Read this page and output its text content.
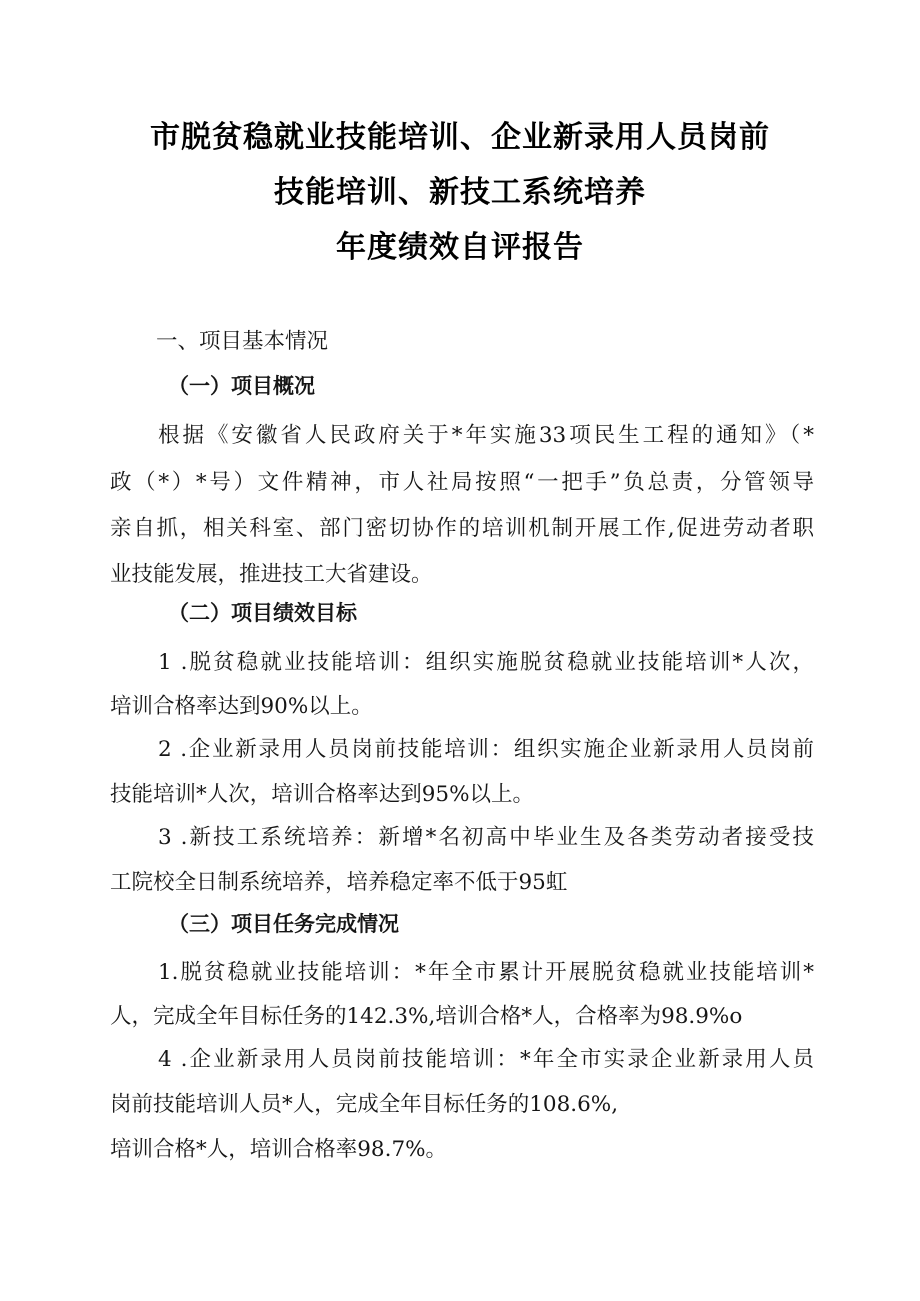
市脱贫稳就业技能培训、企业新录用人员岗前
技能培训、新技工系统培养
年度绩效自评报告
一、项目基本情况
（一）项目概况
根据《安徽省人民政府关于*年实施33项民生工程的通知》（*
政（*）*号）文件精神，市人社局按照“一把手”负总责，分管领导
亲自抓，相关科室、部门密切协作的培训机制开展工作,促进劳动者职
业技能发展，推进技工大省建设。
（二）项目绩效目标
1 .脱贫稳就业技能培训：组织实施脱贫稳就业技能培训*人次，
培训合格率达到90%以上。
2 .企业新录用人员岗前技能培训：组织实施企业新录用人员岗前
技能培训*人次，培训合格率达到95%以上。
3 .新技工系统培养：新增*名初高中毕业生及各类劳动者接受技
工院校全日制系统培养，培养稳定率不低于95虹
（三）项目任务完成情况
1.脱贫稳就业技能培训：*年全市累计开展脱贫稳就业技能培训*
人，完成全年目标任务的142.3%,培训合格*人，合格率为98.9%o
4 .企业新录用人员岗前技能培训：*年全市实录企业新录用人员
岗前技能培训人员*人，完成全年目标任务的108.6%,
培训合格*人，培训合格率98.7%。
